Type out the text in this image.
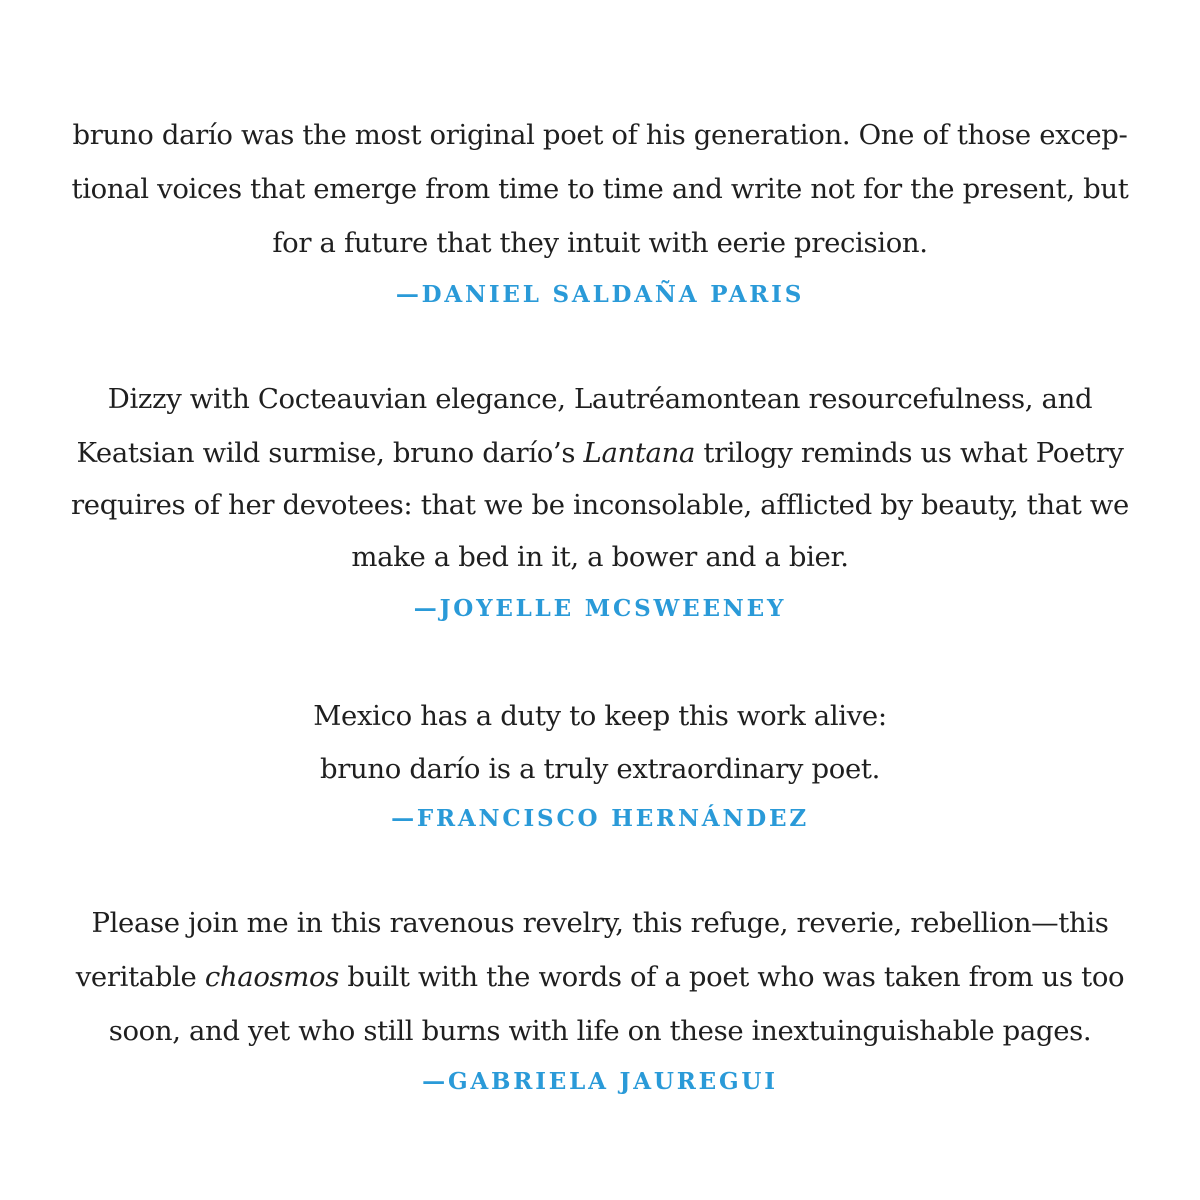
bruno darío was the most original poet of his generation. One of those excep-
tional voices that emerge from time to time and write not for the present, but
for a future that they intuit with eerie precision.
—DANIEL SALDAÑA PARIS
Dizzy with Cocteauvian elegance, Lautréamontean resourcefulness, and
Keatsian wild surmise, bruno darío’s Lantana trilogy reminds us what Poetry
requires of her devotees: that we be inconsolable, afflicted by beauty, that we
make a bed in it, a bower and a bier.
—JOYELLE MCSWEENEY
Mexico has a duty to keep this work alive:
bruno darío is a truly extraordinary poet.
—FRANCISCO HERNÁNDEZ
Please join me in this ravenous revelry, this refuge, reverie, rebellion—this
veritable chaosmos built with the words of a poet who was taken from us too
soon, and yet who still burns with life on these inextuinguishable pages.
—GABRIELA JAUREGUI
